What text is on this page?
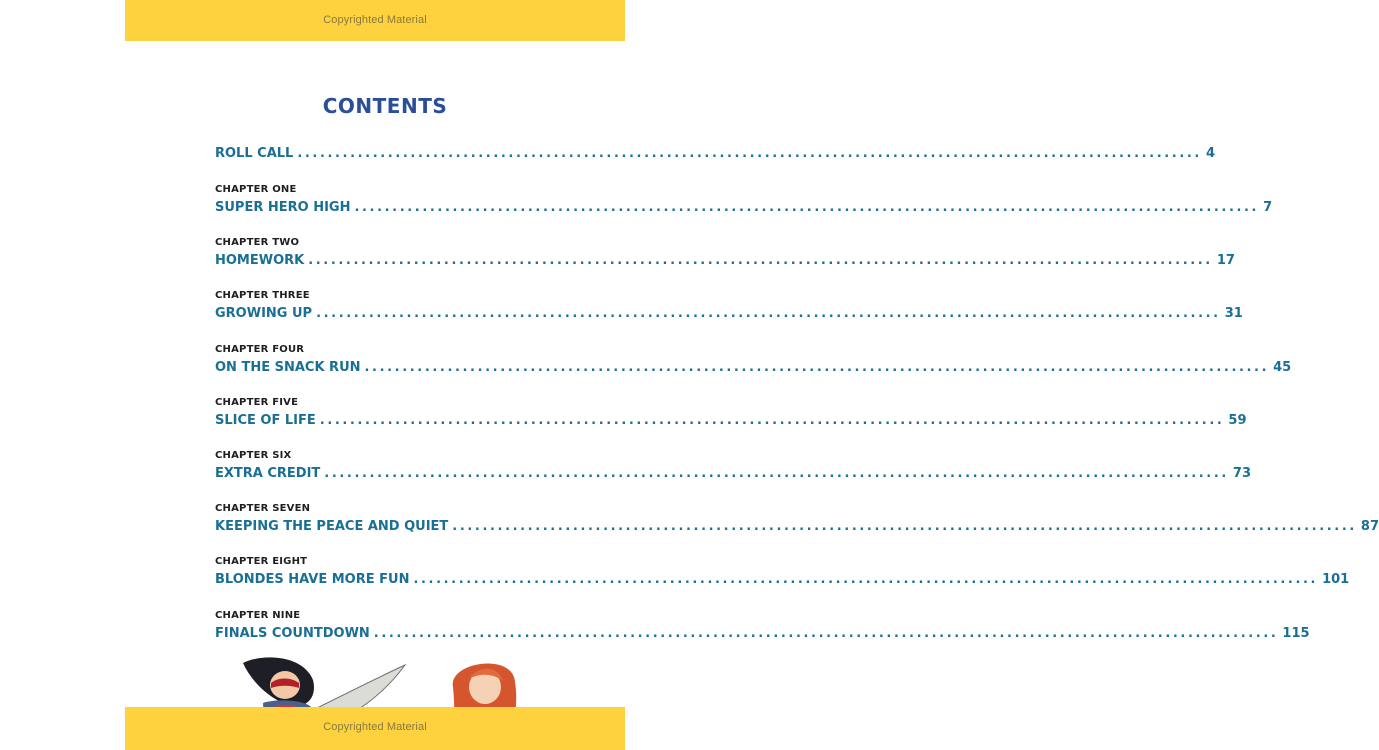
Copyrighted Material
CONTENTS
ROLL CALL ........................................................................................................................ 4
CHAPTER ONE
SUPER HERO HIGH ........................................................................................................................ 7
CHAPTER TWO
HOMEWORK ........................................................................................................................ 17
CHAPTER THREE
GROWING UP ........................................................................................................................ 31
CHAPTER FOUR
ON THE SNACK RUN ........................................................................................................................ 45
CHAPTER FIVE
SLICE OF LIFE ........................................................................................................................ 59
CHAPTER SIX
EXTRA CREDIT ........................................................................................................................ 73
CHAPTER SEVEN
KEEPING THE PEACE AND QUIET ........................................................................................................................ 87
CHAPTER EIGHT
BLONDES HAVE MORE FUN ........................................................................................................................ 101
CHAPTER NINE
FINALS COUNTDOWN ........................................................................................................................ 115
Copyrighted Material
